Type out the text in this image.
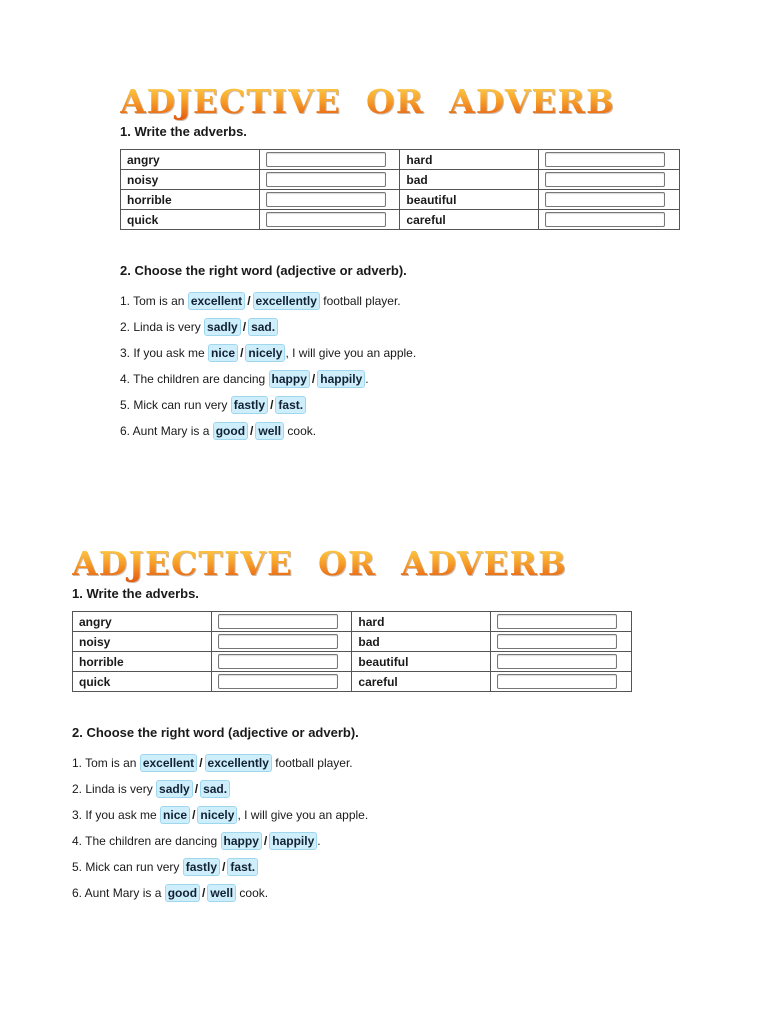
ADJECTIVE  OR  ADVERB
1. Write the adverbs.
angry		hard	

noisy		bad	

horrible		beautiful	

quick		careful	
2. Choose the right word (adjective or adverb).
1. Tom is an excellent / excellently football player.
2. Linda is very sadly / sad.
3. If you ask me nice / nicely , I will give you an apple.
4. The children are dancing happy / happily .
5. Mick can run very fastly / fast.
6. Aunt Mary is a good / well cook.
ADJECTIVE  OR  ADVERB
1. Write the adverbs.
angry		hard	

noisy		bad	

horrible		beautiful	

quick		careful	
2. Choose the right word (adjective or adverb).
1. Tom is an excellent / excellently football player.
2. Linda is very sadly / sad.
3. If you ask me nice / nicely , I will give you an apple.
4. The children are dancing happy / happily .
5. Mick can run very fastly / fast.
6. Aunt Mary is a good / well cook.
